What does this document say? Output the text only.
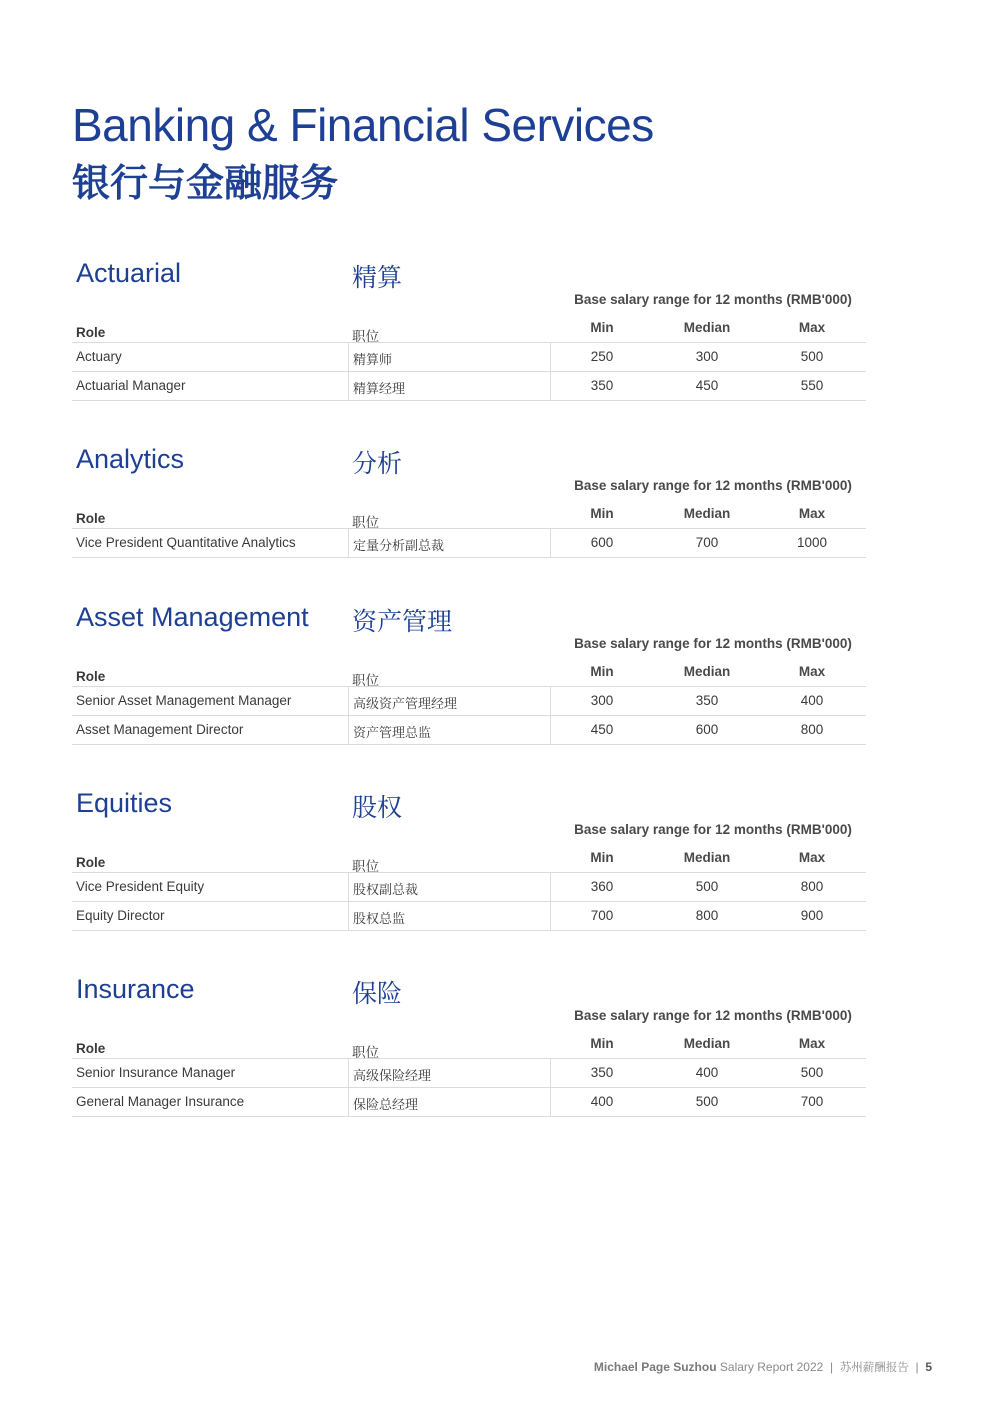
Banking & Financial Services
银行与金融服务
Actuarial	精算
Base salary range for 12 months (RMB'000)
Role	职位
Min	Median	Max
Actuary	精算师	250	300	500
Actuarial Manager	精算经理	350	450	550
Analytics	分析
Base salary range for 12 months (RMB'000)
Role	职位
Min	Median	Max
Vice President Quantitative Analytics	定量分析副总裁	600	700	1000
Asset Management 资产管理
Base salary range for 12 months (RMB'000)
Role	职位
Min	Median	Max
Senior Asset Management Manager	高级资产管理经理	300	350	400
Asset Management Director	资产管理总监	450	600	800
Equities	股权
Base salary range for 12 months (RMB'000)
Role	职位
Min	Median	Max
Vice President Equity	股权副总裁	360	500	800
Equity Director	股权总监	700	800	900
Insurance	保险
Base salary range for 12 months (RMB'000)
Role	职位
Min	Median	Max
Senior Insurance Manager	高级保险经理	350	400	500
General Manager Insurance	保险总经理	400	500	700
Michael Page Suzhou Salary Report 2022 | 苏州薪酬报告 | 5
